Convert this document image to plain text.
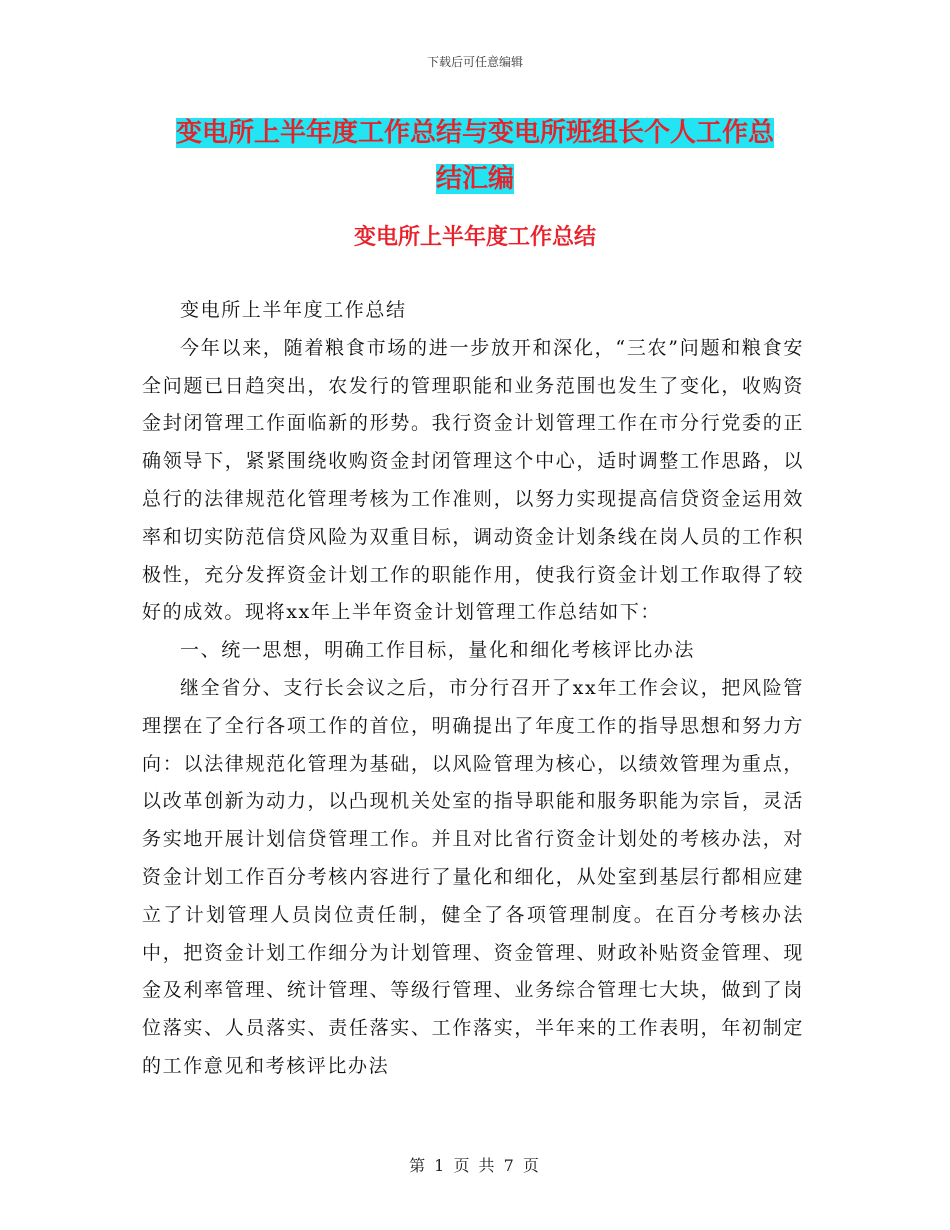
下载后可任意编辑
变电所上半年度工作总结与变电所班组长个人工作总
结汇编
变电所上半年度工作总结

变电所上半年度工作总结

今年以来，随着粮食市场的进一步放开和深化，“三农”问题和粮食安全问题已日趋突出，农发行的管理职能和业务范围也发生了变化，收购资金封闭管理工作面临新的形势。我行资金计划管理工作在市分行党委的正确领导下，紧紧围绕收购资金封闭管理这个中心，适时调整工作思路，以总行的法律规范化管理考核为工作准则，以努力实现提高信贷资金运用效率和切实防范信贷风险为双重目标，调动资金计划条线在岗人员的工作积极性，充分发挥资金计划工作的职能作用，使我行资金计划工作取得了较好的成效。现将xx年上半年资金计划管理工作总结如下：

一、统一思想，明确工作目标，量化和细化考核评比办法

继全省分、支行长会议之后，市分行召开了xx年工作会议，把风险管理摆在了全行各项工作的首位，明确提出了年度工作的指导思想和努力方向：以法律规范化管理为基础，以风险管理为核心，以绩效管理为重点，以改革创新为动力，以凸现机关处室的指导职能和服务职能为宗旨，灵活务实地开展计划信贷管理工作。并且对比省行资金计划处的考核办法，对资金计划工作百分考核内容进行了量化和细化，从处室到基层行都相应建立了计划管理人员岗位责任制，健全了各项管理制度。在百分考核办法中，把资金计划工作细分为计划管理、资金管理、财政补贴资金管理、现金及利率管理、统计管理、等级行管理、业务综合管理七大块，做到了岗位落实、人员落实、责任落实、工作落实，半年来的工作表明，年初制定的工作意见和考核评比办法

第 1 页 共 7 页
